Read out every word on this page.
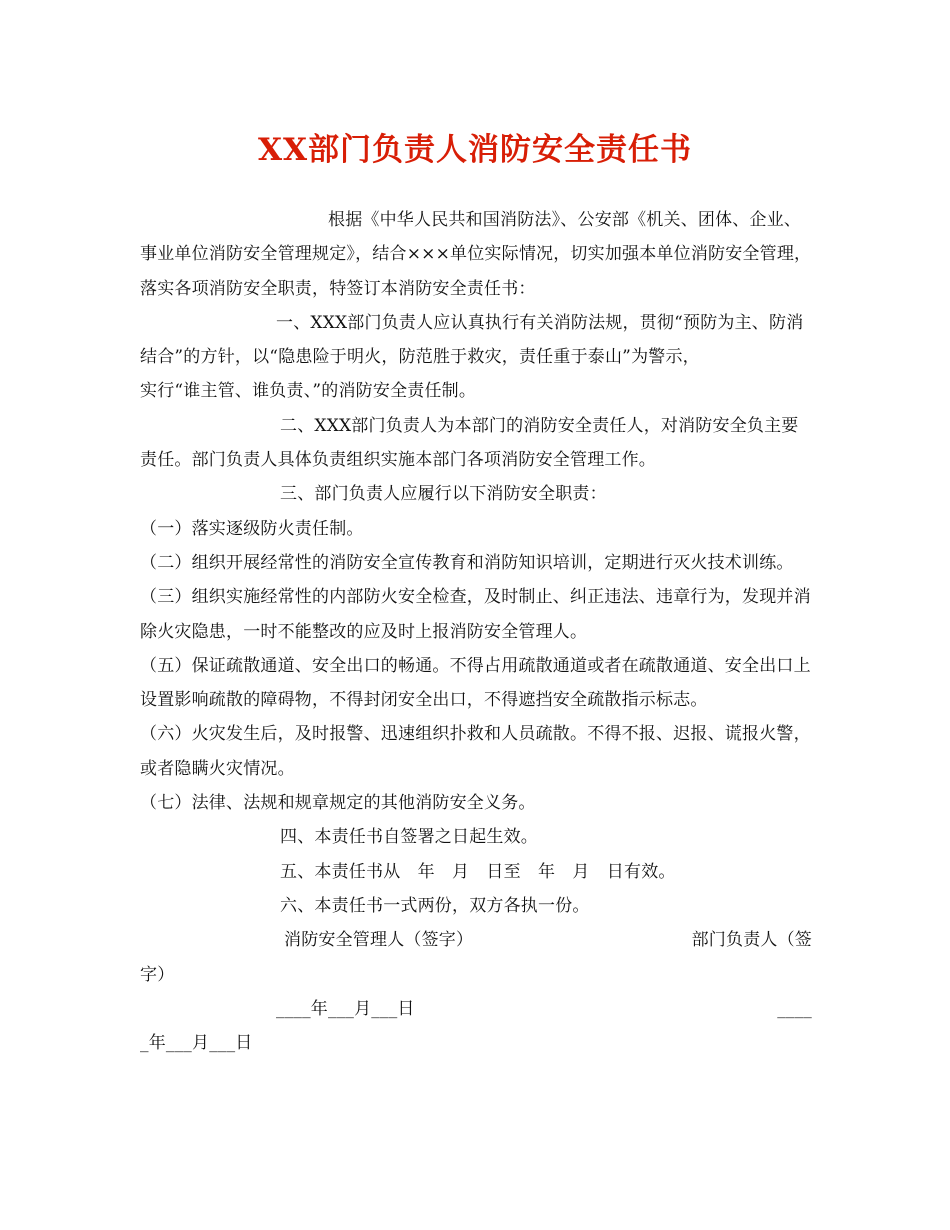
XX部门负责人消防安全责任书

根据《中华人民共和国消防法》、公安部《机关、团体、企业、事业单位消防安全管理规定》，结合×××单位实际情况，切实加强本单位消防安全管理，落实各项消防安全职责，特签订本消防安全责任书：

一、XXX部门负责人应认真执行有关消防法规，贯彻“预防为主、防消结合”的方针，以“隐患险于明火，防范胜于救灾，责任重于泰山”为警示，

实行“谁主管、谁负责、”的消防安全责任制。

二、XXX部门负责人为本部门的消防安全责任人，对消防安全负主要责任。部门负责人具体负责组织实施本部门各项消防安全管理工作。

三、部门负责人应履行以下消防安全职责：

（一）落实逐级防火责任制。

（二）组织开展经常性的消防安全宣传教育和消防知识培训，定期进行灭火技术训练。

（三）组织实施经常性的内部防火安全检查，及时制止、纠正违法、违章行为，发现并消除火灾隐患，一时不能整改的应及时上报消防安全管理人。

（五）保证疏散通道、安全出口的畅通。不得占用疏散通道或者在疏散通道、安全出口上设置影响疏散的障碍物，不得封闭安全出口，不得遮挡安全疏散指示标志。

（六）火灾发生后，及时报警、迅速组织扑救和人员疏散。不得不报、迟报、谎报火警，或者隐瞒火灾情况。

（七）法律、法规和规章规定的其他消防安全义务。

四、本责任书自签署之日起生效。

五、本责任书从　年　月　日至　年　月　日有效。

六、本责任书一式两份，双方各执一份。

消防安全管理人（签字）	部门负责人（签

字）

____年___月___日	____

_年___月___日
